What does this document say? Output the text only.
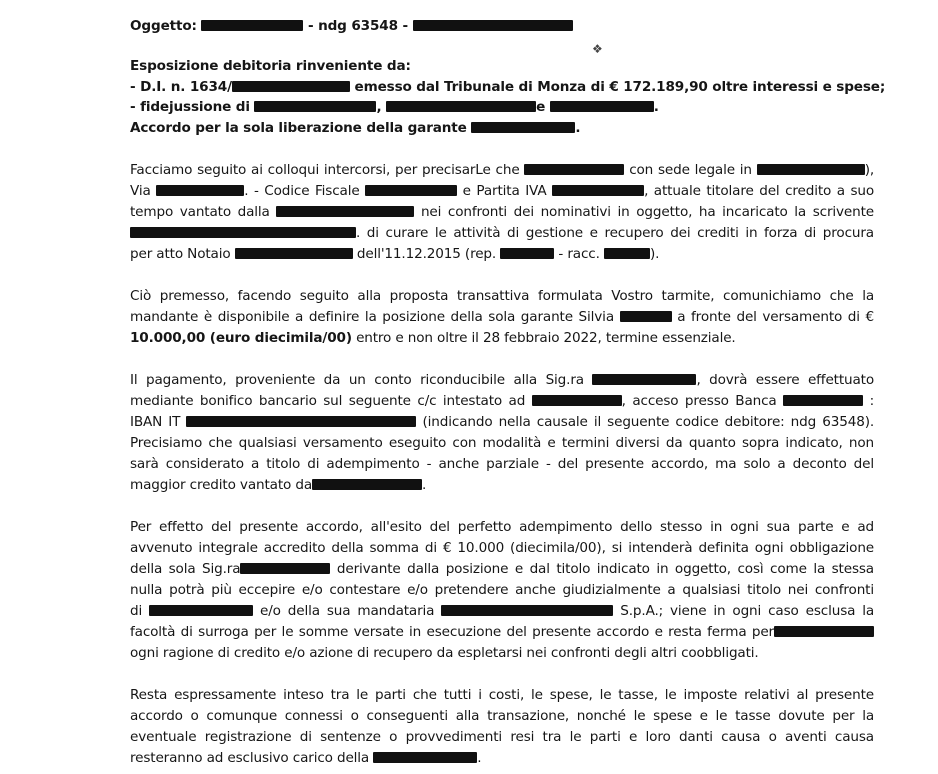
❖
Oggetto:	- ndg 63548 -
Esposizione debitoria rinveniente da:
- D.I. n. 1634/	emesso dal Tribunale di Monza di € 172.189,90 oltre interessi e spese;
- fidejussione di	,	e	.
Accordo per la sola liberazione della garante	.
Facciamo seguito ai colloqui intercorsi, per precisarLe che	con sede legale in	),
Via	. - Codice Fiscale	e Partita IVA	, attuale titolare del credito a suo
tempo vantato dalla	nei confronti dei nominativi in oggetto, ha incaricato la scrivente
. di curare le attività di gestione e recupero dei crediti in forza di procura
per atto Notaio	dell'11.12.2015 (rep.	- racc.	).
Ciò premesso, facendo seguito alla proposta transattiva formulata Vostro tarmite, comunichiamo che la
mandante è disponibile a definire la posizione della sola garante Silvia	a fronte del versamento di €
10.000,00 (euro diecimila/00) entro e non oltre il 28 febbraio 2022, termine essenziale.
Il pagamento, proveniente da un conto riconducibile alla Sig.ra	, dovrà essere effettuato
mediante bonifico bancario sul seguente c/c intestato ad	, acceso presso Banca	:
IBAN IT	(indicando nella causale il seguente codice debitore: ndg 63548).
Precisiamo che qualsiasi versamento eseguito con modalità e termini diversi da quanto sopra indicato, non
sarà considerato a titolo di adempimento - anche parziale - del presente accordo, ma solo a deconto del
maggior credito vantato da	.
Per effetto del presente accordo, all'esito del perfetto adempimento dello stesso in ogni sua parte e ad
avvenuto integrale accredito della somma di € 10.000 (diecimila/00), si intenderà definita ogni obbligazione
della sola Sig.ra	derivante dalla posizione e dal titolo indicato in oggetto, così come la stessa
nulla potrà più eccepire e/o contestare e/o pretendere anche giudizialmente a qualsiasi titolo nei confronti
di	e/o della sua mandataria	S.p.A.; viene in ogni caso esclusa la
facoltà di surroga per le somme versate in esecuzione del presente accordo e resta ferma per
ogni ragione di credito e/o azione di recupero da espletarsi nei confronti degli altri coobbligati.
Resta espressamente inteso tra le parti che tutti i costi, le spese, le tasse, le imposte relativi al presente
accordo o comunque connessi o conseguenti alla transazione, nonché le spese e le tasse dovute per la
eventuale registrazione di sentenze o provvedimenti resi tra le parti e loro danti causa o aventi causa
resteranno ad esclusivo carico della	.
